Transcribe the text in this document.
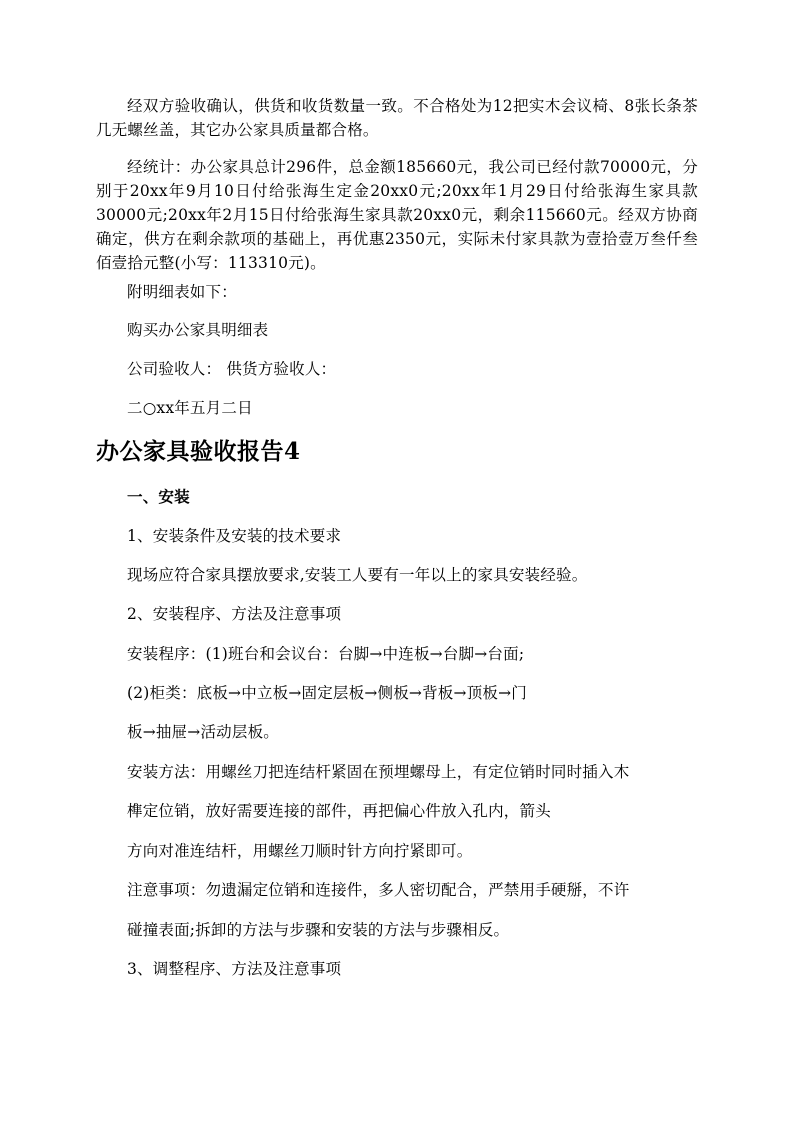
经双方验收确认，供货和收货数量一致。不合格处为12把实木会议椅、8张长条茶几无螺丝盖，其它办公家具质量都合格。

经统计：办公家具总计296件，总金额185660元，我公司已经付款70000元，分别于20xx年9月10日付给张海生定金20xx0元;20xx年1月29日付给张海生家具款30000元;20xx年2月15日付给张海生家具款20xx0元，剩余115660元。经双方协商确定，供方在剩余款项的基础上，再优惠2350元，实际未付家具款为壹拾壹万叁仟叁佰壹拾元整(小写：113310元)。

附明细表如下：

购买办公家具明细表

公司验收人： 供货方验收人：

二○xx年五月二日

办公家具验收报告4

一、安装

1、安装条件及安装的技术要求

现场应符合家具摆放要求,安装工人要有一年以上的家具安装经验。

2、安装程序、方法及注意事项

安装程序：(1)班台和会议台：台脚→中连板→台脚→台面;

(2)柜类：底板→中立板→固定层板→侧板→背板→顶板→门

板→抽屉→活动层板。

安装方法：用螺丝刀把连结杆紧固在预埋螺母上，有定位销时同时插入木

榫定位销，放好需要连接的部件，再把偏心件放入孔内，箭头

方向对准连结杆，用螺丝刀顺时针方向拧紧即可。

注意事项：勿遗漏定位销和连接件，多人密切配合，严禁用手硬掰，不许

碰撞表面;拆卸的方法与步骤和安装的方法与步骤相反。

3、调整程序、方法及注意事项
